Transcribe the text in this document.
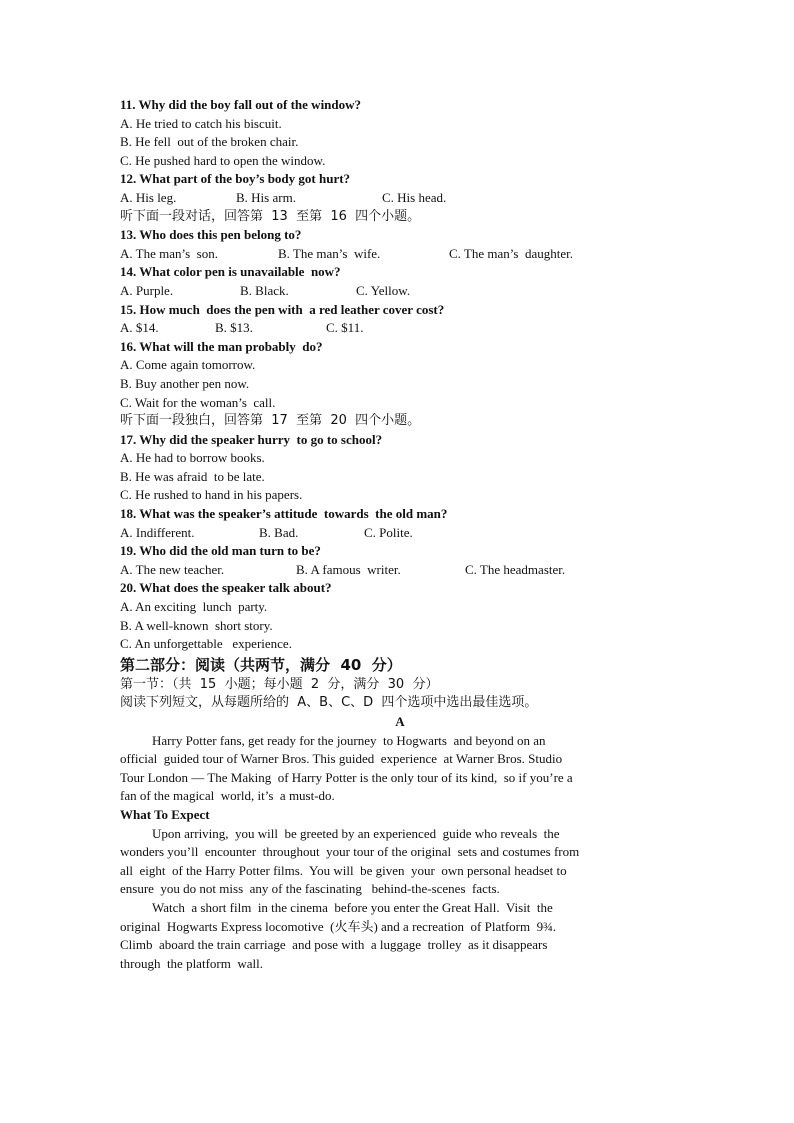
11. Why did the boy fall out of the window?
A. He tried to catch his biscuit.
B. He fell  out of the broken chair.
C. He pushed hard to open the window.
12. What part of the boy’s body got hurt?

A. His leg.

	B. His arm.

	C. His head.

听下面一段对话，回答第  13  至第  16  四个小题。
13. Who does this pen belong to?

A. The man’s  son.

	B. The man’s  wife.

	C. The man’s  daughter.

14. What color pen is unavailable  now?

A. Purple.

	B. Black.

	C. Yellow.

15. How much  does the pen with  a red leather cover cost?

A. $14.

	B. $13.

	C. $11.

16. What will the man probably  do?
A. Come again tomorrow.
B. Buy another pen now.
C. Wait for the woman’s  call.
听下面一段独白，回答第  17  至第  20  四个小题。
17. Why did the speaker hurry  to go to school?
A. He had to borrow books.
B. He was afraid  to be late.
C. He rushed to hand in his papers.
18. What was the speaker’s attitude  towards  the old man?

A. Indifferent.

	B. Bad.

	C. Polite.

19. Who did the old man turn to be?

A. The new teacher.

	B. A famous  writer.

	C. The headmaster.

20. What does the speaker talk about?
A. An exciting  lunch  party.
B. A well-known  short story.
C. An unforgettable   experience.
第二部分：阅读（共两节，满分  40  分）
第一节：（共  15  小题；每小题  2  分，满分  30  分）
阅读下列短文，从每题所给的  A、B、C、D  四个选项中选出最佳选项。
A
Harry Potter fans, get ready for the journey  to Hogwarts  and beyond on an
official  guided tour of Warner Bros. This guided  experience  at Warner Bros. Studio
Tour London — The Making  of Harry Potter is the only tour of its kind,  so if you’re a
fan of the magical  world, it’s  a must-do.
What To Expect
Upon arriving,  you will  be greeted by an experienced  guide who reveals  the
wonders you’ll  encounter  throughout  your tour of the original  sets and costumes from
all  eight  of the Harry Potter films.  You will  be given  your  own personal headset to
ensure  you do not miss  any of the fascinating   behind-the-scenes  facts.
Watch  a short film  in the cinema  before you enter the Great Hall.  Visit  the
original  Hogwarts Express locomotive  (火车头) and a recreation  of Platform  9¾.
Climb  aboard the train carriage  and pose with  a luggage  trolley  as it disappears
through  the platform  wall.
